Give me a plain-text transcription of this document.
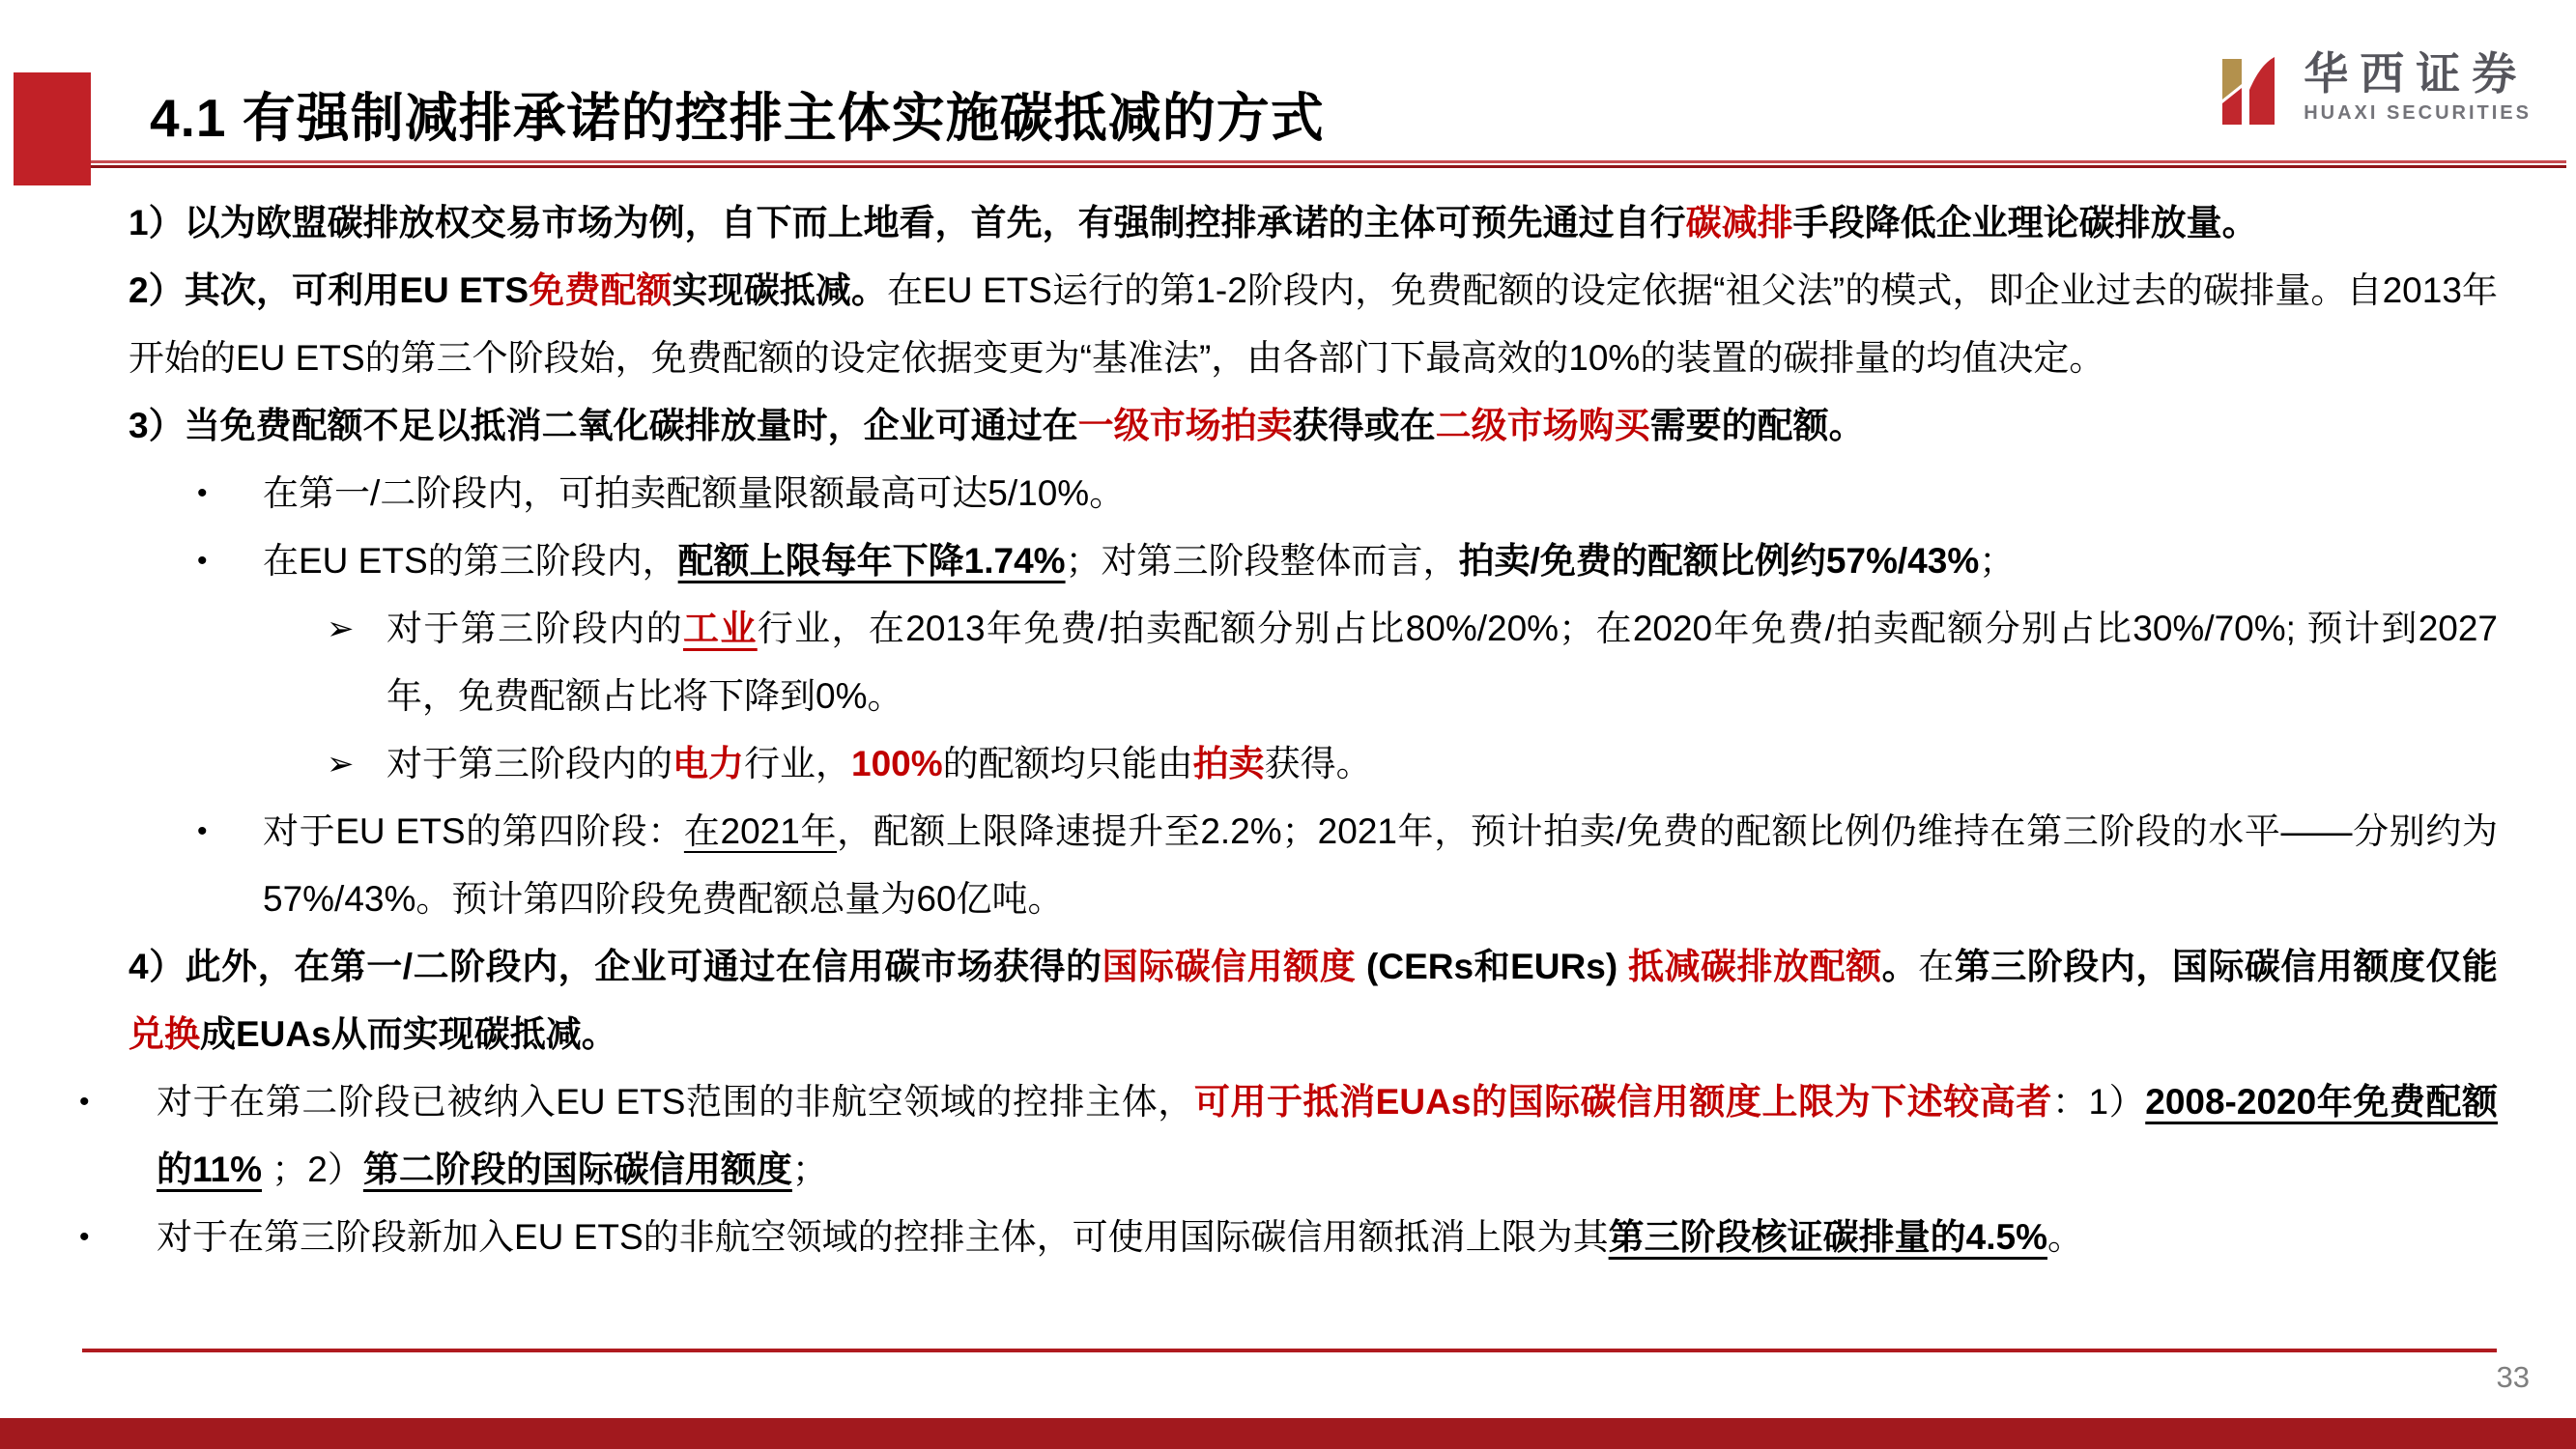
4.1 有强制减排承诺的控排主体实施碳抵减的方式
华西证券
HUAXI SECURITIES
1）以为欧盟碳排放权交易市场为例，自下而上地看，首先，有强制控排承诺的主体可预先通过自行碳减排手段降低企业理论碳排放量。
2）其次，可利用EU ETS免费配额实现碳抵减。在EU ETS运行的第1-2阶段内，免费配额的设定依据“祖父法”的模式，即企业过去的碳排量。自2013年开始的EU ETS的第三个阶段始，免费配额的设定依据变更为“基准法”，由各部门下最高效的10%的装置的碳排量的均值决定。
3）当免费配额不足以抵消二氧化碳排放量时，企业可通过在一级市场拍卖获得或在二级市场购买需要的配额。
• 在第一/二阶段内，可拍卖配额量限额最高可达5/10%。
• 在EU ETS的第三阶段内，配额上限每年下降1.74%；对第三阶段整体而言，拍卖/免费的配额比例约57%/43%；
➢ 对于第三阶段内的工业行业，在2013年免费/拍卖配额分别占比80%/20%；在2020年免费/拍卖配额分别占比30%/70%; 预计到2027年，免费配额占比将下降到0%。
➢ 对于第三阶段内的电力行业，100%的配额均只能由拍卖获得。
• 对于EU ETS的第四阶段：在2021年，配额上限降速提升至2.2%；2021年，预计拍卖/免费的配额比例仍维持在第三阶段的水平——分别约为57%/43%。预计第四阶段免费配额总量为60亿吨。
4）此外，在第一/二阶段内，企业可通过在信用碳市场获得的国际碳信用额度 (CERs和EURs) 抵减碳排放配额。在第三阶段内，国际碳信用额度仅能兑换成EUAs从而实现碳抵减。
• 对于在第二阶段已被纳入EU ETS范围的非航空领域的控排主体，可用于抵消EUAs的国际碳信用额度上限为下述较高者：1）2008-2020年免费配额的11% ；2）第二阶段的国际碳信用额度；
• 对于在第三阶段新加入EU ETS的非航空领域的控排主体，可使用国际碳信用额抵消上限为其第三阶段核证碳排量的4.5%。
33
